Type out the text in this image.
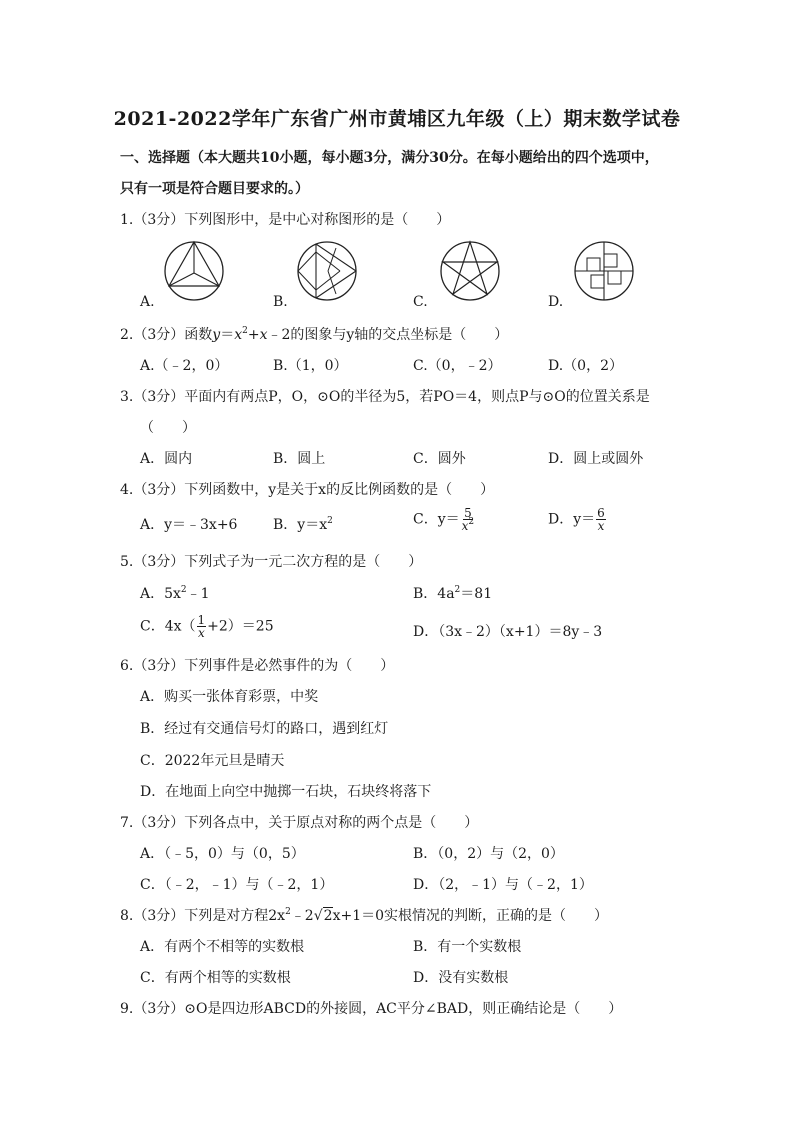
2021-2022学年广东省广州市黄埔区九年级（上）期末数学试卷
一、选择题（本大题共10小题，每小题3分，满分30分。在每小题给出的四个选项中，
只有一项是符合题目要求的。）
1.（3分）下列图形中，是中心对称图形的是（　　）
A.	B.	C.	D.
2.（3分）函数$y=x^2+x﹣2$的图象与y轴的交点坐标是（　　）
A.（﹣2，0）	B.（1，0）	C.（0，﹣2）	D.（0，2）
3.（3分）平面内有两点P，O，⊙O的半径为5，若PO＝4，则点P与⊙O的位置关系是
（　　）
A．圆内	B．圆上	C．圆外	D．圆上或圆外
4.（3分）下列函数中，y是关于x的反比例函数的是（　　）
A．y＝﹣3x+6	B．$y=x^2$	C．$y= \frac{5}{x^2}$	D．$y= \frac{6}{x}$
5.（3分）下列式子为一元二次方程的是（　　）
A．$5x^2﹣1$	B．$4a^2=81$
C．$4x( \frac{1}{x} +2)=25$	D．（3x﹣2）（x+1）＝8y﹣3
6.（3分）下列事件是必然事件的为（　　）
A．购买一张体育彩票，中奖
B．经过有交通信号灯的路口，遇到红灯
C．2022年元旦是晴天
D．在地面上向空中抛掷一石块，石块终将落下
7.（3分）下列各点中，关于原点对称的两个点是（　　）
A．（﹣5，0）与（0，5）	B．（0，2）与（2，0）
C．（﹣2，﹣1）与（﹣2，1）	D．（2，﹣1）与（﹣2，1）
8.（3分）下列是对方程$2x^2﹣2√2x+1=0$实根情况的判断，正确的是（　　）
A．有两个不相等的实数根	B．有一个实数根
C．有两个相等的实数根	D．没有实数根
9.（3分）⊙O是四边形ABCD的外接圆，AC平分∠BAD，则正确结论是（　　）
